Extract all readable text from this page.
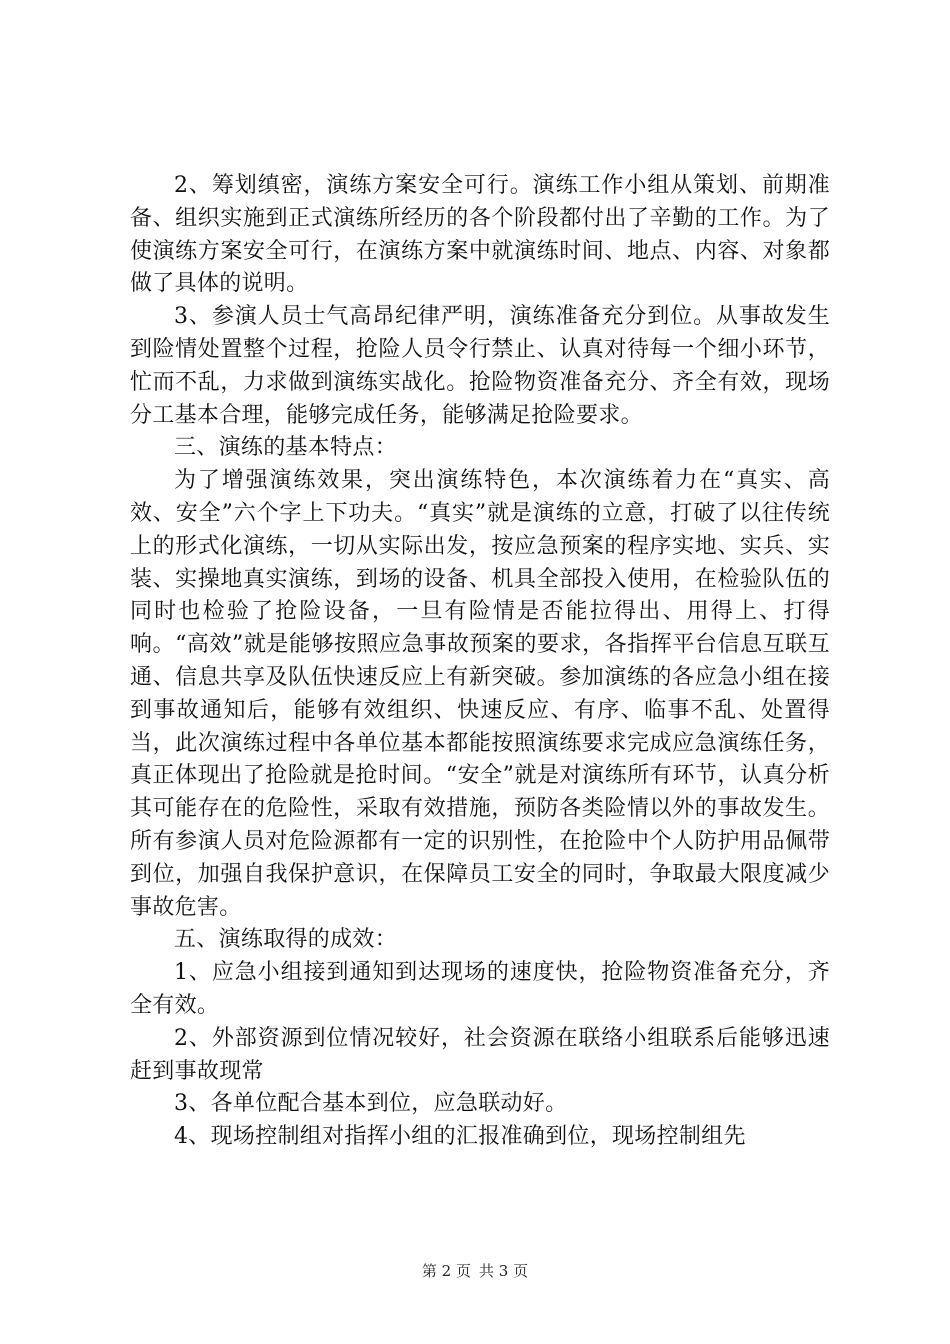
2、筹划缜密，演练方案安全可行。演练工作小组从策划、前期准备、组织实施到正式演练所经历的各个阶段都付出了辛勤的工作。为了使演练方案安全可行，在演练方案中就演练时间、地点、内容、对象都做了具体的说明。

3、参演人员士气高昂纪律严明，演练准备充分到位。从事故发生到险情处置整个过程，抢险人员令行禁止、认真对待每一个细小环节，忙而不乱，力求做到演练实战化。抢险物资准备充分、齐全有效，现场分工基本合理，能够完成任务，能够满足抢险要求。

三、演练的基本特点：

为了增强演练效果，突出演练特色，本次演练着力在“真实、高效、安全”六个字上下功夫。“真实”就是演练的立意，打破了以往传统上的形式化演练，一切从实际出发，按应急预案的程序实地、实兵、实装、实操地真实演练，到场的设备、机具全部投入使用，在检验队伍的同时也检验了抢险设备，一旦有险情是否能拉得出、用得上、打得响。“高效”就是能够按照应急事故预案的要求，各指挥平台信息互联互通、信息共享及队伍快速反应上有新突破。参加演练的各应急小组在接到事故通知后，能够有效组织、快速反应、有序、临事不乱、处置得当，此次演练过程中各单位基本都能按照演练要求完成应急演练任务，真正体现出了抢险就是抢时间。“安全”就是对演练所有环节，认真分析其可能存在的危险性，采取有效措施，预防各类险情以外的事故发生。所有参演人员对危险源都有一定的识别性，在抢险中个人防护用品佩带到位，加强自我保护意识，在保障员工安全的同时，争取最大限度减少事故危害。

五、演练取得的成效：

1、应急小组接到通知到达现场的速度快，抢险物资准备充分，齐全有效。

2、外部资源到位情况较好，社会资源在联络小组联系后能够迅速赶到事故现常

3、各单位配合基本到位，应急联动好。

4、现场控制组对指挥小组的汇报准确到位，现场控制组先

第 2 页 共 3 页
